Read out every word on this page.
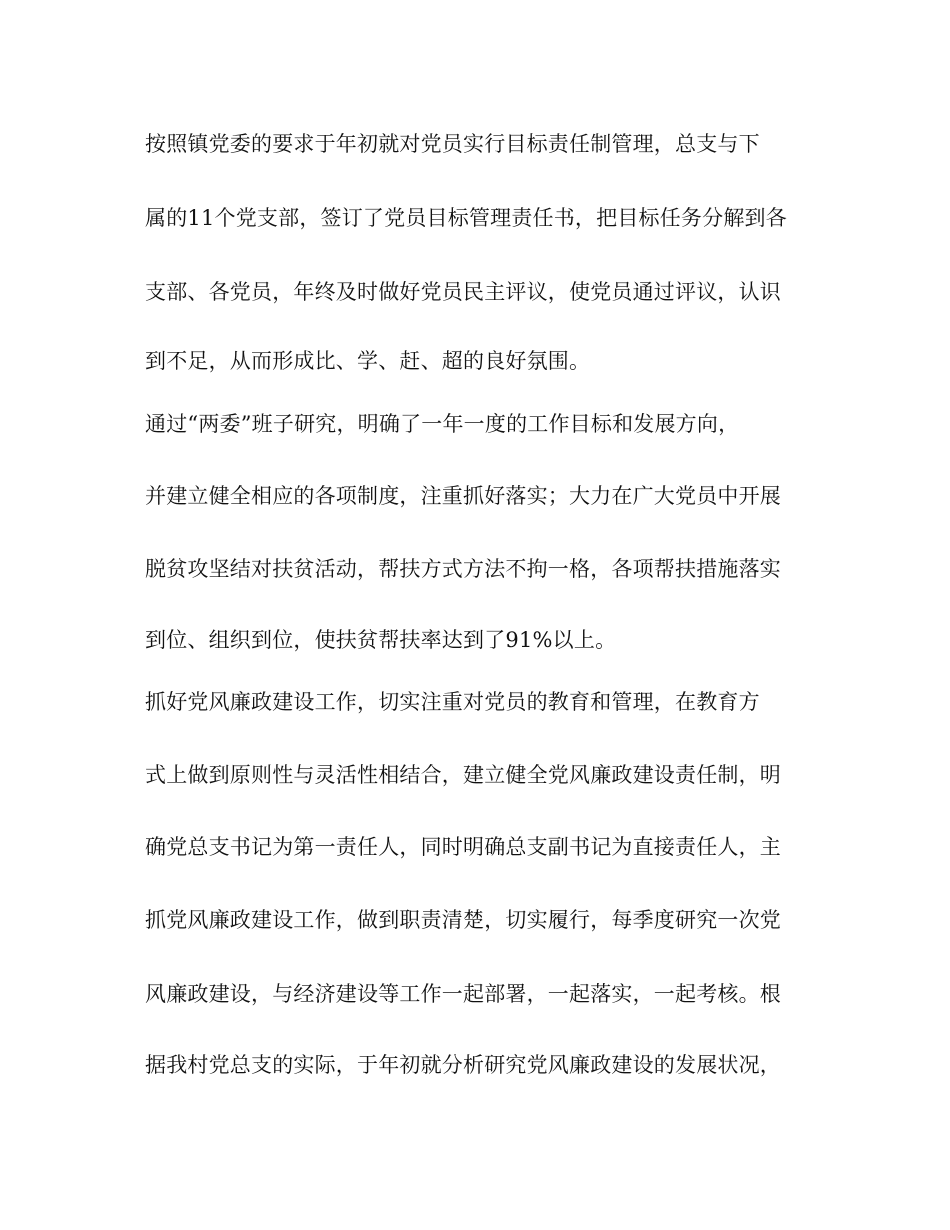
按照镇党委的要求于年初就对党员实行目标责任制管理，总支与下
属的11个党支部，签订了党员目标管理责任书，把目标任务分解到各
支部、各党员，年终及时做好党员民主评议，使党员通过评议，认识
到不足，从而形成比、学、赶、超的良好氛围。
通过“两委”班子研究，明确了一年一度的工作目标和发展方向，
并建立健全相应的各项制度，注重抓好落实；大力在广大党员中开展
脱贫攻坚结对扶贫活动，帮扶方式方法不拘一格，各项帮扶措施落实
到位、组织到位，使扶贫帮扶率达到了91%以上。
抓好党风廉政建设工作，切实注重对党员的教育和管理，在教育方
式上做到原则性与灵活性相结合，建立健全党风廉政建设责任制，明
确党总支书记为第一责任人，同时明确总支副书记为直接责任人，主
抓党风廉政建设工作，做到职责清楚，切实履行，每季度研究一次党
风廉政建设，与经济建设等工作一起部署，一起落实，一起考核。根
据我村党总支的实际，于年初就分析研究党风廉政建设的发展状况，
